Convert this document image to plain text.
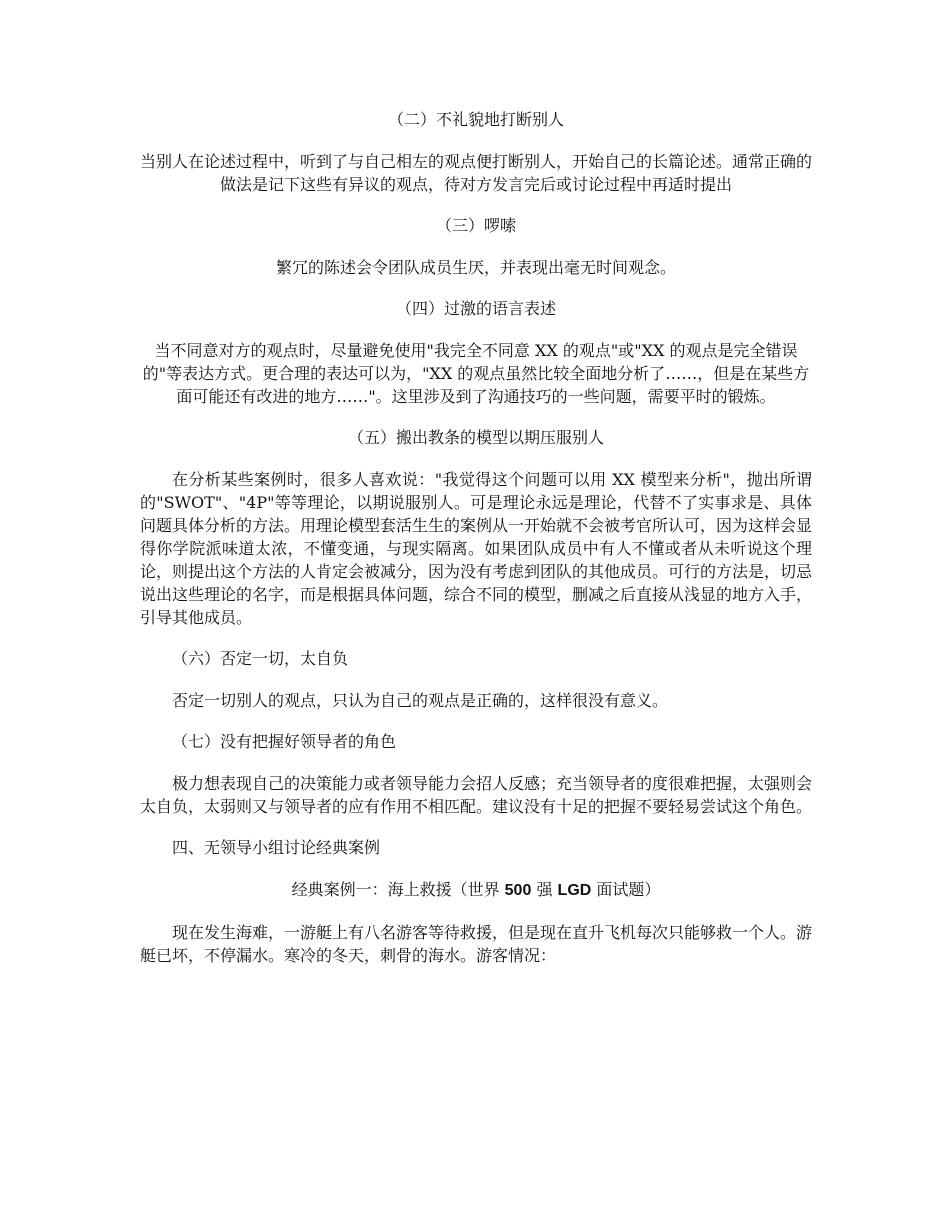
（二）不礼貌地打断别人
当别人在论述过程中，听到了与自己相左的观点便打断别人，开始自己的长篇论述。通常正确的做法是记下这些有异议的观点，待对方发言完后或讨论过程中再适时提出
（三）啰嗦
繁冗的陈述会令团队成员生厌，并表现出毫无时间观念。
（四）过激的语言表述
当不同意对方的观点时，尽量避免使用"我完全不同意 XX 的观点"或"XX 的观点是完全错误的"等表达方式。更合理的表达可以为，"XX 的观点虽然比较全面地分析了……，但是在某些方面可能还有改进的地方……"。这里涉及到了沟通技巧的一些问题，需要平时的锻炼。
（五）搬出教条的模型以期压服别人
在分析某些案例时，很多人喜欢说："我觉得这个问题可以用 XX 模型来分析"，抛出所谓的"SWOT"、"4P"等等理论，以期说服别人。可是理论永远是理论，代替不了实事求是、具体问题具体分析的方法。用理论模型套活生生的案例从一开始就不会被考官所认可，因为这样会显得你学院派味道太浓，不懂变通，与现实隔离。如果团队成员中有人不懂或者从未听说这个理论，则提出这个方法的人肯定会被减分，因为没有考虑到团队的其他成员。可行的方法是，切忌说出这些理论的名字，而是根据具体问题，综合不同的模型，删减之后直接从浅显的地方入手，引导其他成员。
（六）否定一切，太自负
否定一切别人的观点，只认为自己的观点是正确的，这样很没有意义。
（七）没有把握好领导者的角色
极力想表现自己的决策能力或者领导能力会招人反感；充当领导者的度很难把握，太强则会太自负，太弱则又与领导者的应有作用不相匹配。建议没有十足的把握不要轻易尝试这个角色。
四、无领导小组讨论经典案例
经典案例一：海上救援（世界 500 强 LGD 面试题）
现在发生海难，一游艇上有八名游客等待救援，但是现在直升飞机每次只能够救一个人。游艇已坏，不停漏水。寒冷的冬天，刺骨的海水。游客情况：
